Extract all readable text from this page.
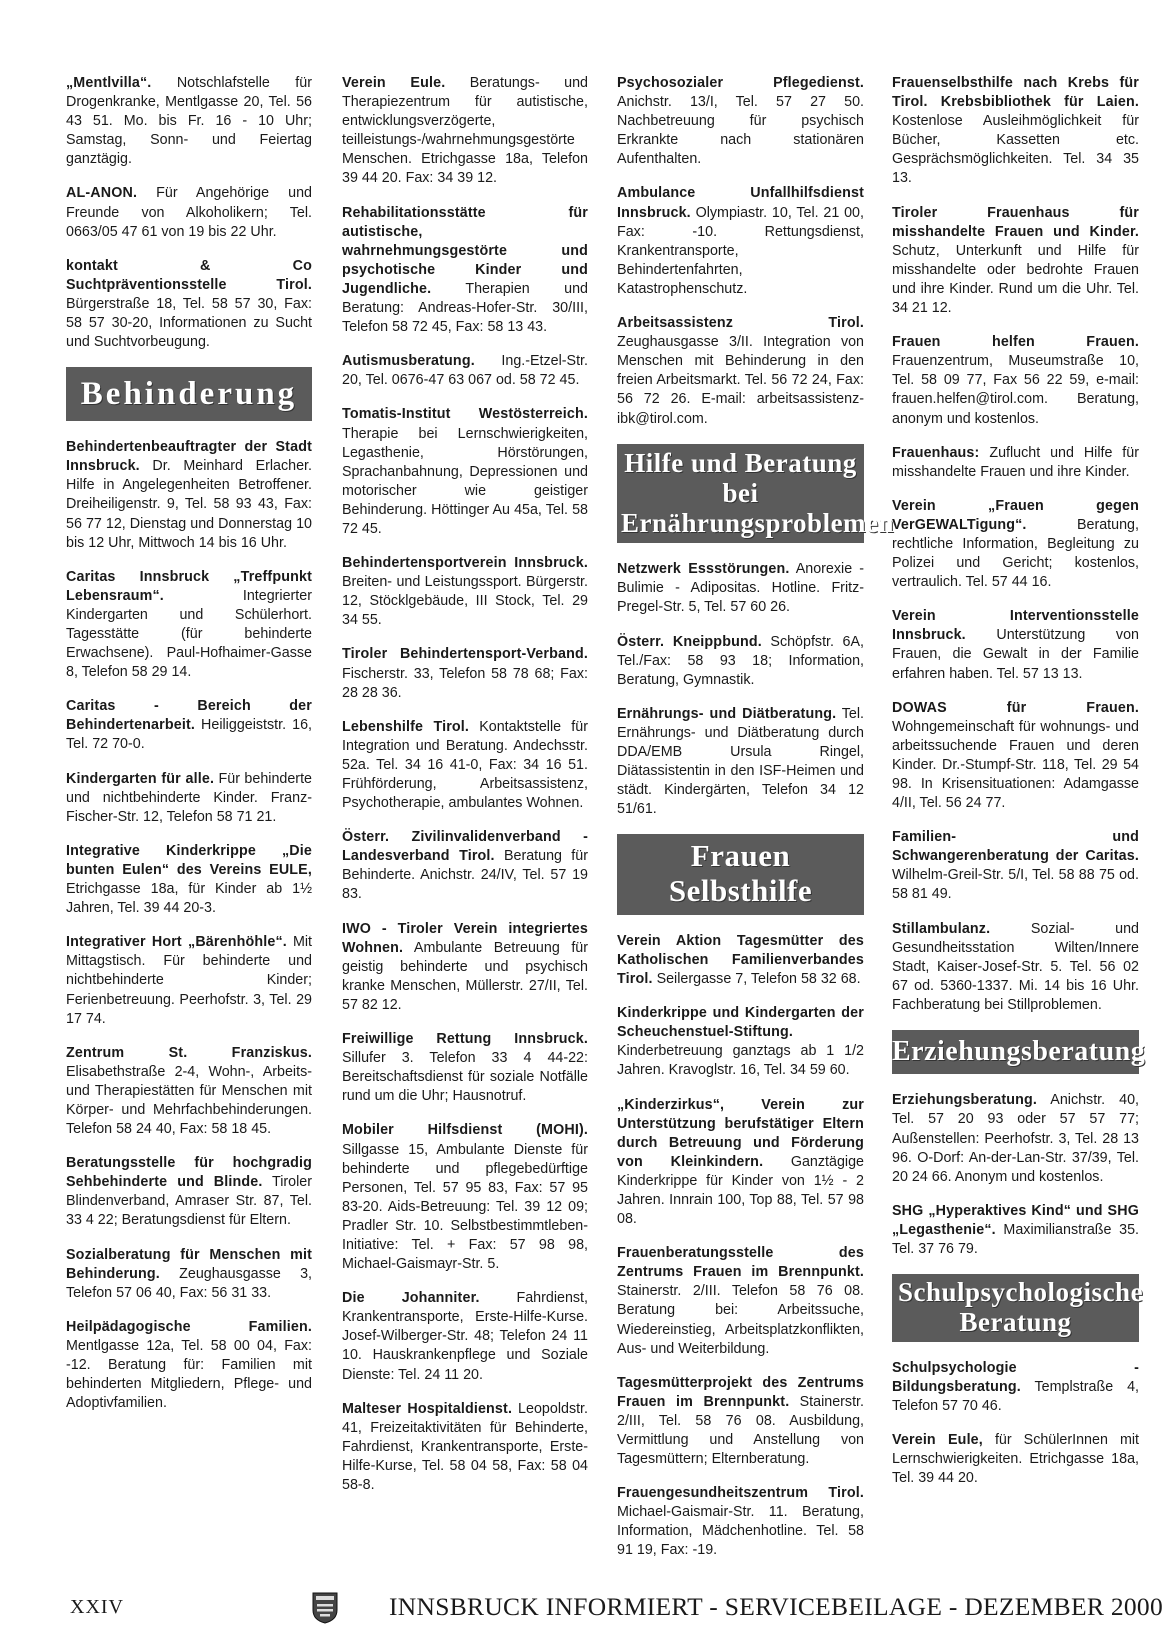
„Mentlvilla“. Notschlafstelle für Drogenkranke, Mentlgasse 20, Tel. 56 43 51. Mo. bis Fr. 16 - 10 Uhr; Samstag, Sonn- und Feiertag ganztägig.
AL-ANON. Für Angehörige und Freunde von Alkoholikern; Tel. 0663/05 47 61 von 19 bis 22 Uhr.
kontakt & Co Suchtpräventionsstelle Tirol. Bürgerstraße 18, Tel. 58 57 30, Fax: 58 57 30-20, Informationen zu Sucht und Suchtvorbeugung.
Behinderung
Behindertenbeauftragter der Stadt Innsbruck. Dr. Meinhard Erlacher. Hilfe in Angelegenheiten Betroffener. Dreiheiligenstr. 9, Tel. 58 93 43, Fax: 56 77 12, Dienstag und Donnerstag 10 bis 12 Uhr, Mittwoch 14 bis 16 Uhr.
Caritas Innsbruck „Treffpunkt Lebensraum“. Integrierter Kindergarten und Schülerhort. Tagesstätte (für behinderte Erwachsene). Paul-Hofhaimer-Gasse 8, Telefon 58 29 14.
Caritas - Bereich der Behindertenarbeit. Heiliggeiststr. 16, Tel. 72 70-0.
Kindergarten für alle. Für behinderte und nichtbehinderte Kinder. Franz-Fischer-Str. 12, Telefon 58 71 21.
Integrative Kinderkrippe „Die bunten Eulen“ des Vereins EULE, Etrichgasse 18a, für Kinder ab 1½ Jahren, Tel. 39 44 20-3.
Integrativer Hort „Bärenhöhle“. Mit Mittagstisch. Für behinderte und nichtbehinderte Kinder; Ferienbetreuung. Peerhofstr. 3, Tel. 29 17 74.
Zentrum St. Franziskus. Elisabethstraße 2-4, Wohn-, Arbeits- und Therapiestätten für Menschen mit Körper- und Mehrfachbehinderungen. Telefon 58 24 40, Fax: 58 18 45.
Beratungsstelle für hochgradig Sehbehinderte und Blinde. Tiroler Blindenverband, Amraser Str. 87, Tel. 33 4 22; Beratungsdienst für Eltern.
Sozialberatung für Menschen mit Behinderung. Zeughausgasse 3, Telefon 57 06 40, Fax: 56 31 33.
Heilpädagogische Familien. Mentlgasse 12a, Tel. 58 00 04, Fax: -12. Beratung für: Familien mit behinderten Mitgliedern, Pflege- und Adoptivfamilien.
Verein Eule. Beratungs- und Therapiezentrum für autistische, entwicklungsverzögerte, teilleistungs-/wahrnehmungsgestörte Menschen. Etrichgasse 18a, Telefon 39 44 20. Fax: 34 39 12.
Rehabilitationsstätte für autistische, wahrnehmungsgestörte und psychotische Kinder und Jugendliche. Therapien und Beratung: Andreas-Hofer-Str. 30/III, Telefon 58 72 45, Fax: 58 13 43.
Autismusberatung. Ing.-Etzel-Str. 20, Tel. 0676-47 63 067 od. 58 72 45.
Tomatis-Institut Westösterreich. Therapie bei Lernschwierigkeiten, Legasthenie, Hörstörungen, Sprachanbahnung, Depressionen und motorischer wie geistiger Behinderung. Höttinger Au 45a, Tel. 58 72 45.
Behindertensportverein Innsbruck. Breiten- und Leistungssport. Bürgerstr. 12, Stöcklgebäude, III Stock, Tel. 29 34 55.
Tiroler Behindertensport-Verband. Fischerstr. 33, Telefon 58 78 68; Fax: 28 28 36.
Lebenshilfe Tirol. Kontaktstelle für Integration und Beratung. Andechsstr. 52a. Tel. 34 16 41-0, Fax: 34 16 51. Frühförderung, Arbeitsassistenz, Psychotherapie, ambulantes Wohnen.
Österr. Zivilinvalidenverband - Landesverband Tirol. Beratung für Behinderte. Anichstr. 24/IV, Tel. 57 19 83.
IWO - Tiroler Verein integriertes Wohnen. Ambulante Betreuung für geistig behinderte und psychisch kranke Menschen, Müllerstr. 27/II, Tel. 57 82 12.
Freiwillige Rettung Innsbruck. Sillufer 3. Telefon 33 4 44-22: Bereitschaftsdienst für soziale Notfälle rund um die Uhr; Hausnotruf.
Mobiler Hilfsdienst (MOHI). Sillgasse 15, Ambulante Dienste für behinderte und pflegebedürftige Personen, Tel. 57 95 83, Fax: 57 95 83-20. Aids-Betreuung: Tel. 39 12 09; Pradler Str. 10. Selbstbestimmtleben-Initiative: Tel. + Fax: 57 98 98, Michael-Gaismayr-Str. 5.
Die Johanniter. Fahrdienst, Krankentransporte, Erste-Hilfe-Kurse. Josef-Wilberger-Str. 48; Telefon 24 11 10. Hauskrankenpflege und Soziale Dienste: Tel. 24 11 20.
Malteser Hospitaldienst. Leopoldstr. 41, Freizeitaktivitäten für Behinderte, Fahrdienst, Krankentransporte, Erste-Hilfe-Kurse, Tel. 58 04 58, Fax: 58 04 58-8.
Psychosozialer Pflegedienst. Anichstr. 13/I, Tel. 57 27 50. Nachbetreuung für psychisch Erkrankte nach stationären Aufenthalten.
Ambulance Unfallhilfsdienst Innsbruck. Olympiastr. 10, Tel. 21 00, Fax: -10. Rettungsdienst, Krankentransporte, Behindertenfahrten, Katastrophenschutz.
Arbeitsassistenz Tirol. Zeughausgasse 3/II. Integration von Menschen mit Behinderung in den freien Arbeitsmarkt. Tel. 56 72 24, Fax: 56 72 26. E-mail: arbeitsassistenz-ibk@tirol.com.
Hilfe und Beratung bei Ernährungsproblemen
Netzwerk Essstörungen. Anorexie - Bulimie - Adipositas. Hotline. Fritz-Pregel-Str. 5, Tel. 57 60 26.
Österr. Kneippbund. Schöpfstr. 6A, Tel./Fax: 58 93 18; Information, Beratung, Gymnastik.
Ernährungs- und Diätberatung. Tel. Ernährungs- und Diätberatung durch DDA/EMB Ursula Ringel, Diätassistentin in den ISF-Heimen und städt. Kindergärten, Telefon 34 12 51/61.
Frauen Selbsthilfe
Verein Aktion Tagesmütter des Katholischen Familienverbandes Tirol. Seilergasse 7, Telefon 58 32 68.
Kinderkrippe und Kindergarten der Scheuchenstuel-Stiftung. Kinderbetreuung ganztags ab 1 1/2 Jahren. Kravoglstr. 16, Tel. 34 59 60.
„Kinderzirkus“, Verein zur Unterstützung berufstätiger Eltern durch Betreuung und Förderung von Kleinkindern. Ganztägige Kinderkrippe für Kinder von 1½ - 2 Jahren. Innrain 100, Top 88, Tel. 57 98 08.
Frauenberatungsstelle des Zentrums Frauen im Brennpunkt. Stainerstr. 2/III. Telefon 58 76 08. Beratung bei: Arbeitssuche, Wiedereinstieg, Arbeitsplatzkonflikten, Aus- und Weiterbildung.
Tagesmütterprojekt des Zentrums Frauen im Brennpunkt. Stainerstr. 2/III, Tel. 58 76 08. Ausbildung, Vermittlung und Anstellung von Tagesmüttern; Elternberatung.
Frauengesundheitszentrum Tirol. Michael-Gaismair-Str. 11. Beratung, Information, Mädchenhotline. Tel. 58 91 19, Fax: -19.
Frauenselbsthilfe nach Krebs für Tirol. Krebsbibliothek für Laien. Kostenlose Ausleihmöglichkeit für Bücher, Kassetten etc. Gesprächsmöglichkeiten. Tel. 34 35 13.
Tiroler Frauenhaus für misshandelte Frauen und Kinder. Schutz, Unterkunft und Hilfe für misshandelte oder bedrohte Frauen und ihre Kinder. Rund um die Uhr. Tel. 34 21 12.
Frauen helfen Frauen. Frauenzentrum, Museumstraße 10, Tel. 58 09 77, Fax 56 22 59, e-mail: frauen.helfen@tirol.com. Beratung, anonym und kostenlos.
Frauenhaus: Zuflucht und Hilfe für misshandelte Frauen und ihre Kinder.
Verein „Frauen gegen VerGEWALTigung“. Beratung, rechtliche Information, Begleitung zu Polizei und Gericht; kostenlos, vertraulich. Tel. 57 44 16.
Verein Interventionsstelle Innsbruck. Unterstützung von Frauen, die Gewalt in der Familie erfahren haben. Tel. 57 13 13.
DOWAS für Frauen. Wohngemeinschaft für wohnungs- und arbeitssuchende Frauen und deren Kinder. Dr.-Stumpf-Str. 118, Tel. 29 54 98. In Krisensituationen: Adamgasse 4/II, Tel. 56 24 77.
Familien- und Schwangerenberatung der Caritas. Wilhelm-Greil-Str. 5/I, Tel. 58 88 75 od. 58 81 49.
Stillambulanz. Sozial- und Gesundheitsstation Wilten/Innere Stadt, Kaiser-Josef-Str. 5. Tel. 56 02 67 od. 5360-1337. Mi. 14 bis 16 Uhr. Fachberatung bei Stillproblemen.
Erziehungsberatung
Erziehungsberatung. Anichstr. 40, Tel. 57 20 93 oder 57 57 77; Außenstellen: Peerhofstr. 3, Tel. 28 13 96. O-Dorf: An-der-Lan-Str. 37/39, Tel. 20 24 66. Anonym und kostenlos.
SHG „Hyperaktives Kind“ und SHG „Legasthenie“. Maximilianstraße 35. Tel. 37 76 79.
Schulpsychologische Beratung
Schulpsychologie - Bildungsberatung. Templstraße 4, Telefon 57 70 46.
Verein Eule, für SchülerInnen mit Lernschwierigkeiten. Etrichgasse 18a, Tel. 39 44 20.
XXIV	INNSBRUCK INFORMIERT - SERVICEBEILAGE - DEZEMBER 2000
